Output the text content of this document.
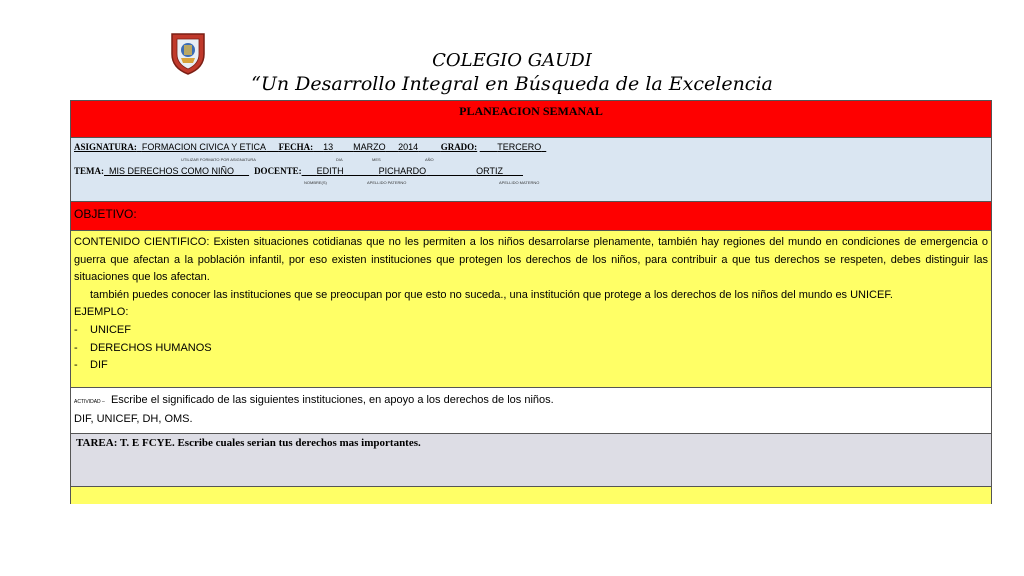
COLEGIO GAUDI
“Un Desarrollo Integral en Búsqueda de la Excelencia
PLANEACION SEMANAL
ASIGNATURA: FORMACION CIVICA Y ETICA FECHA: 13 MARZO 2014	GRADO: TERCERO
UTILIZAR FORMATO POR ASIGNATURA	DIA	MES	AÑO
TEMA: MIS DERECHOS COMO NIÑO DOCENTE: EDITH	PICHARDO	ORTIZ
NOMBRE(S)	APELLIDO PATERNO	APELLIDO MATERNO
OBJETIVO:

CONTENIDO CIENTIFICO: Existen situaciones cotidianas que no les permiten a los niños desarrolarse plenamente, también hay regiones del mundo en condiciones de emergencia o guerra que afectan a la población infantil, por eso existen instituciones que protegen los derechos de los niños, para contribuir a que tus derechos se respeten, debes distinguir las situaciones que los afectan.

también puedes conocer las instituciones que se preocupan por que esto no suceda., una institución que protege a los derechos de los niños del mundo es UNICEF.

EJEMPLO:

-	UNICEF
-	DERECHOS HUMANOS
-	DIF
ACTIVIDAD – Escribe el significado de las siguientes instituciones, en apoyo a los derechos de los niños.
DIF, UNICEF, DH, OMS.
TAREA: T. E FCYE. Escribe cuales serian tus derechos mas importantes.
